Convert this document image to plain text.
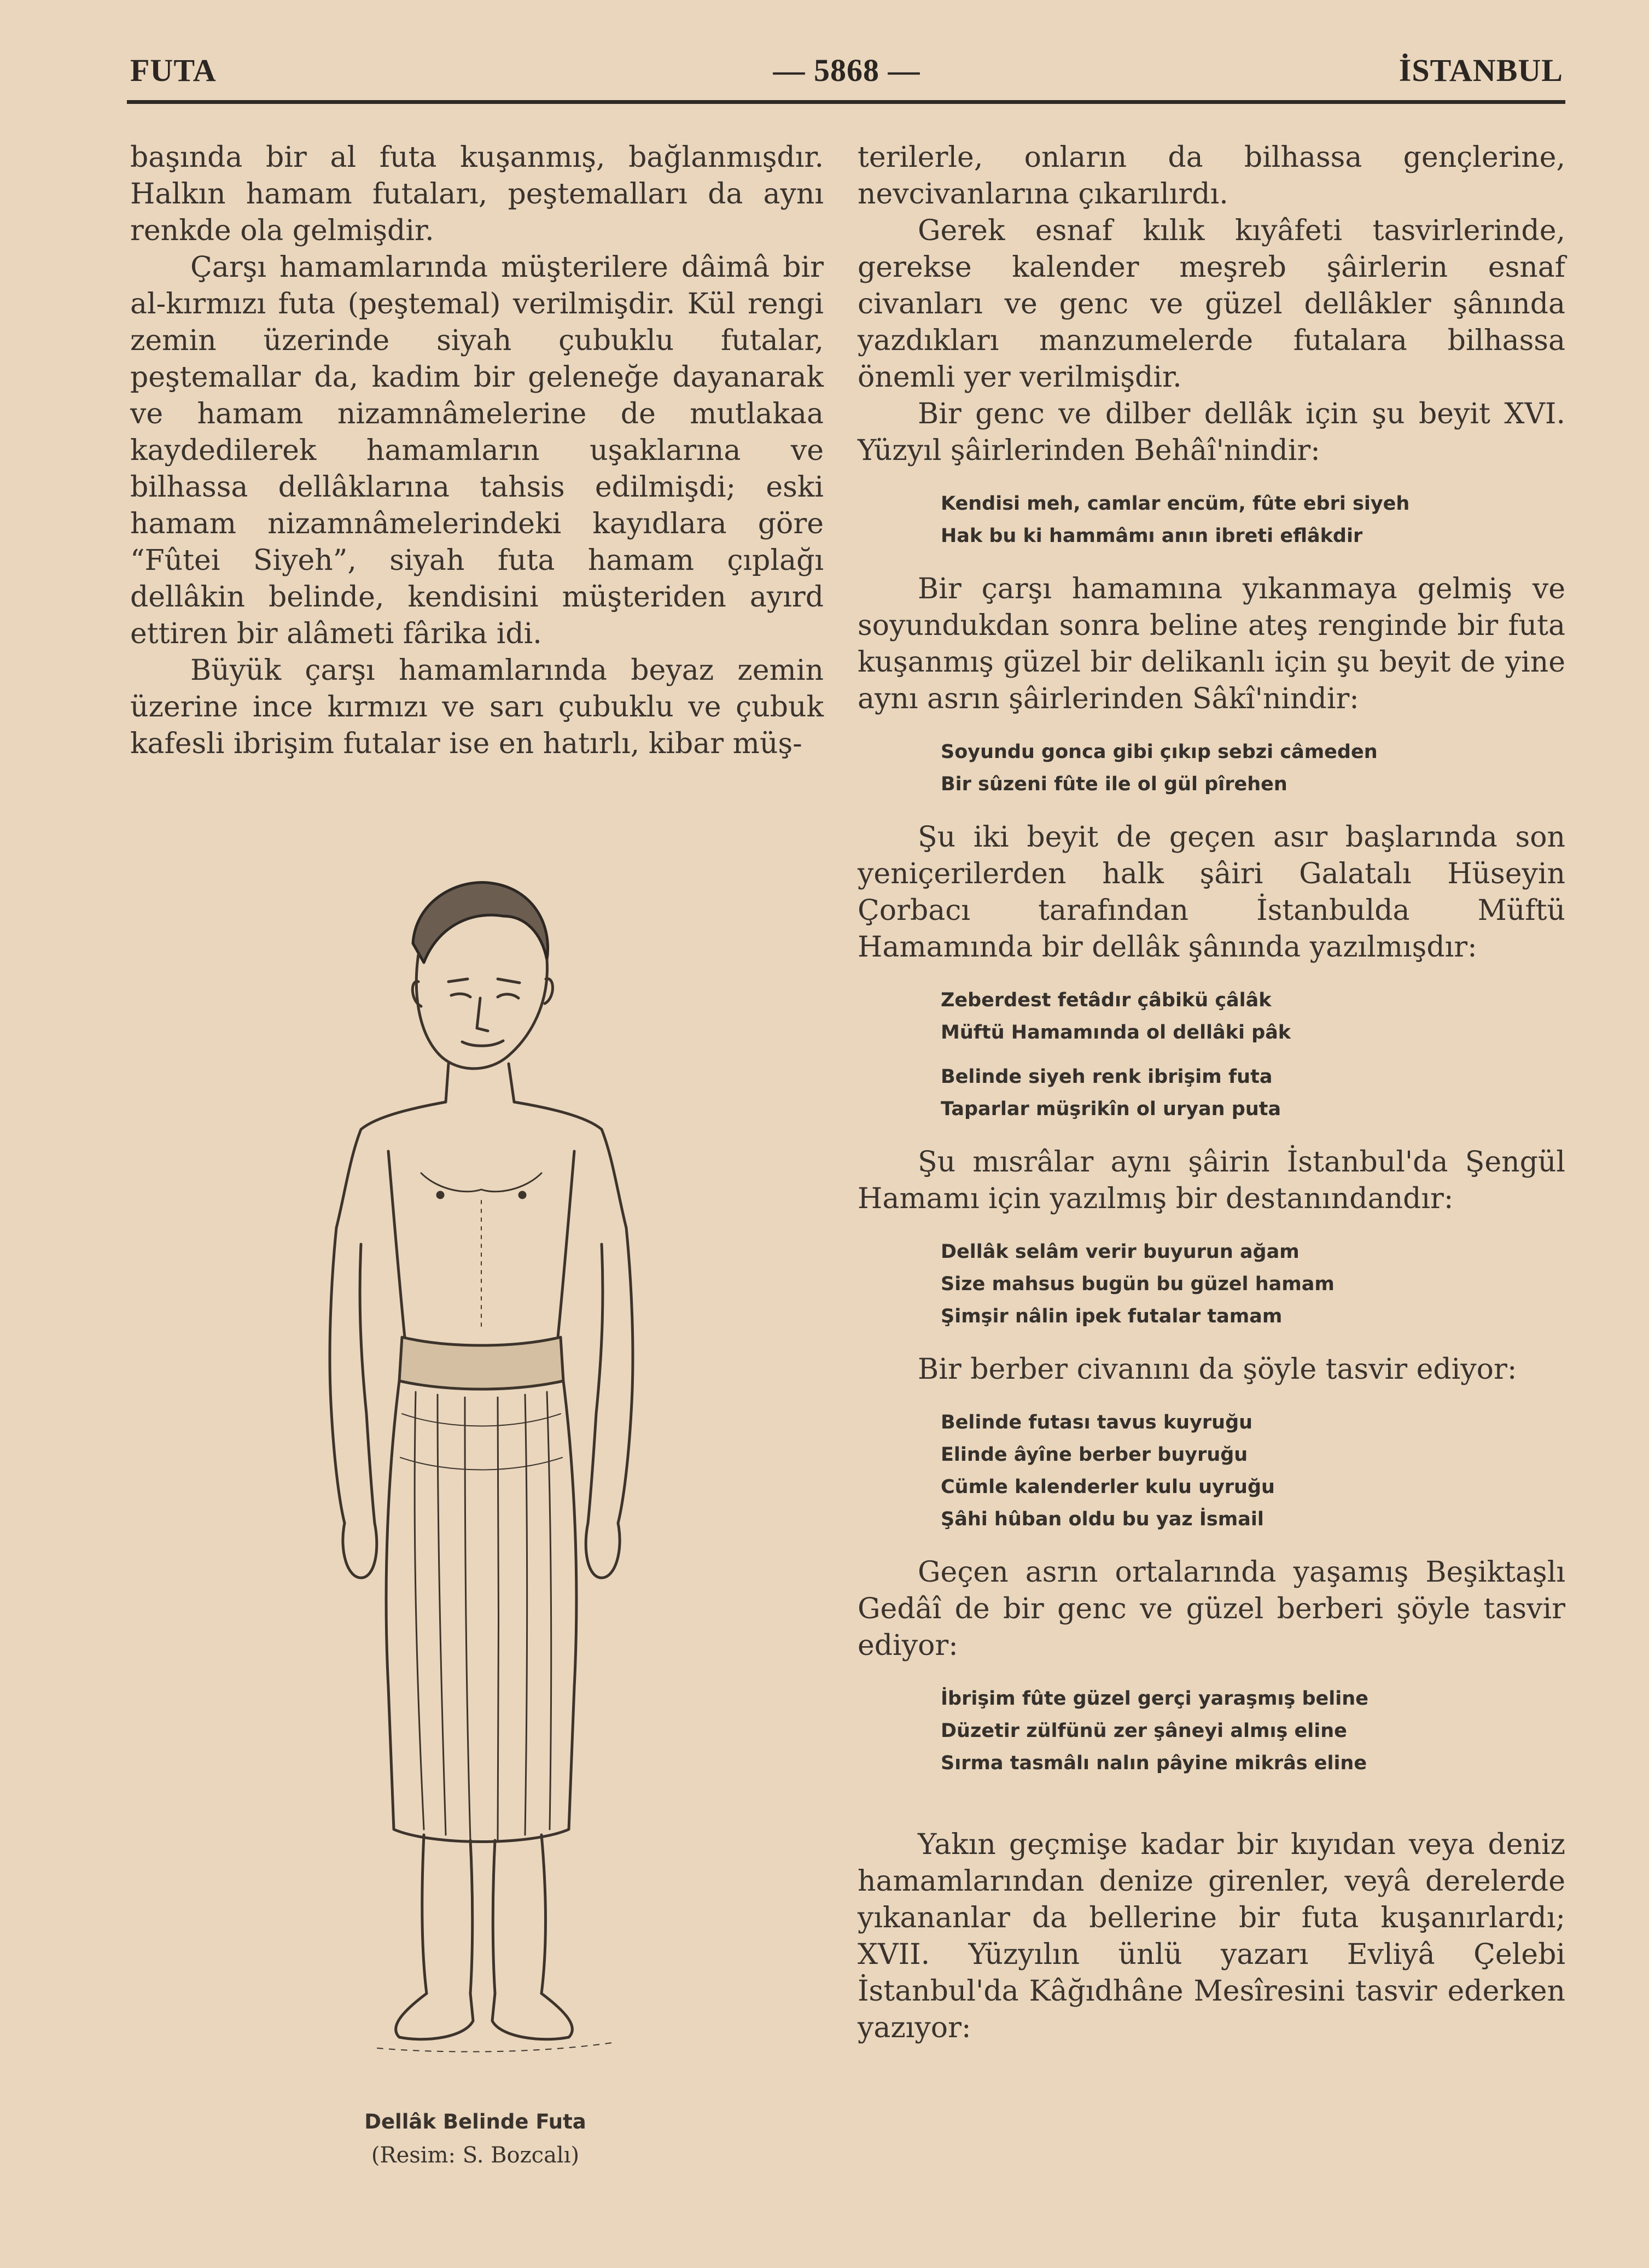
FUTA	— 5868 —	İSTANBUL

başında bir al futa kuşanmış, bağlanmışdır. Halkın hamam futaları, peştemalları da aynı renkde ola gelmişdir.

Çarşı hamamlarında müşterilere dâimâ bir al-kırmızı futa (peştemal) verilmişdir. Kül rengi zemin üzerinde siyah çubuklu futalar, peştemallar da, kadim bir geleneğe dayanarak ve hamam nizamnâmelerine de mutlakaa kaydedilerek hamamların uşaklarına ve bilhassa dellâklarına tahsis edilmişdi; eski hamam nizamnâmelerindeki kayıdlara göre “Fûtei Siyeh”, siyah futa hamam çıplağı dellâkin belinde, kendisini müşteriden ayırd ettiren bir alâmeti fârika idi.

Büyük çarşı hamamlarında beyaz zemin üzerine ince kırmızı ve sarı çubuklu ve çubuk kafesli ibrişim futalar ise en hatırlı, kibar müş-

Dellâk Belinde Futa
(Resim: S. Bozcalı)

terilerle, onların da bilhassa gençlerine, nevcivanlarına çıkarılırdı.

Gerek esnaf kılık kıyâfeti tasvirlerinde, gerekse kalender meşreb şâirlerin esnaf civanları ve genc ve güzel dellâkler şânında yazdıkları manzumelerde futalara bilhassa önemli yer verilmişdir.

Bir genc ve dilber dellâk için şu beyit XVI. Yüzyıl şâirlerinden Behâî'nindir:

Kendisi meh, camlar encüm, fûte ebri siyeh

Hak bu ki hammâmı anın ibreti eflâkdir

Bir çarşı hamamına yıkanmaya gelmiş ve soyundukdan sonra beline ateş renginde bir futa kuşanmış güzel bir delikanlı için şu beyit de yine aynı asrın şâirlerinden Sâkî'nindir:

Soyundu gonca gibi çıkıp sebzi câmeden

Bir sûzeni fûte ile ol gül pîrehen

Şu iki beyit de geçen asır başlarında son yeniçerilerden halk şâiri Galatalı Hüseyin Çorbacı tarafından İstanbulda Müftü Hamamında bir dellâk şânında yazılmışdır:

Zeberdest fetâdır çâbikü çâlâk

Müftü Hamamında ol dellâki pâk

Belinde siyeh renk ibrişim futa

Taparlar müşrikîn ol uryan puta

Şu mısrâlar aynı şâirin İstanbul'da Şengül Hamamı için yazılmış bir destanındandır:

Dellâk selâm verir buyurun ağam

Size mahsus bugün bu güzel hamam

Şimşir nâlin ipek futalar tamam

Bir berber civanını da şöyle tasvir ediyor:

Belinde futası tavus kuyruğu

Elinde âyîne berber buyruğu

Cümle kalenderler kulu uyruğu

Şâhi hûban oldu bu yaz İsmail

Geçen asrın ortalarında yaşamış Beşiktaşlı Gedâî de bir genc ve güzel berberi şöyle tasvir ediyor:

İbrişim fûte güzel gerçi yaraşmış beline

Düzetir zülfünü zer şâneyi almış eline

Sırma tasmâlı nalın pâyine mikrâs eline

Yakın geçmişe kadar bir kıyıdan veya deniz hamamlarından denize girenler, veyâ derelerde yıkananlar da bellerine bir futa kuşanırlardı; XVII. Yüzyılın ünlü yazarı Evliyâ Çelebi İstanbul'da Kâğıdhâne Mesîresini tasvir ederken yazıyor:
